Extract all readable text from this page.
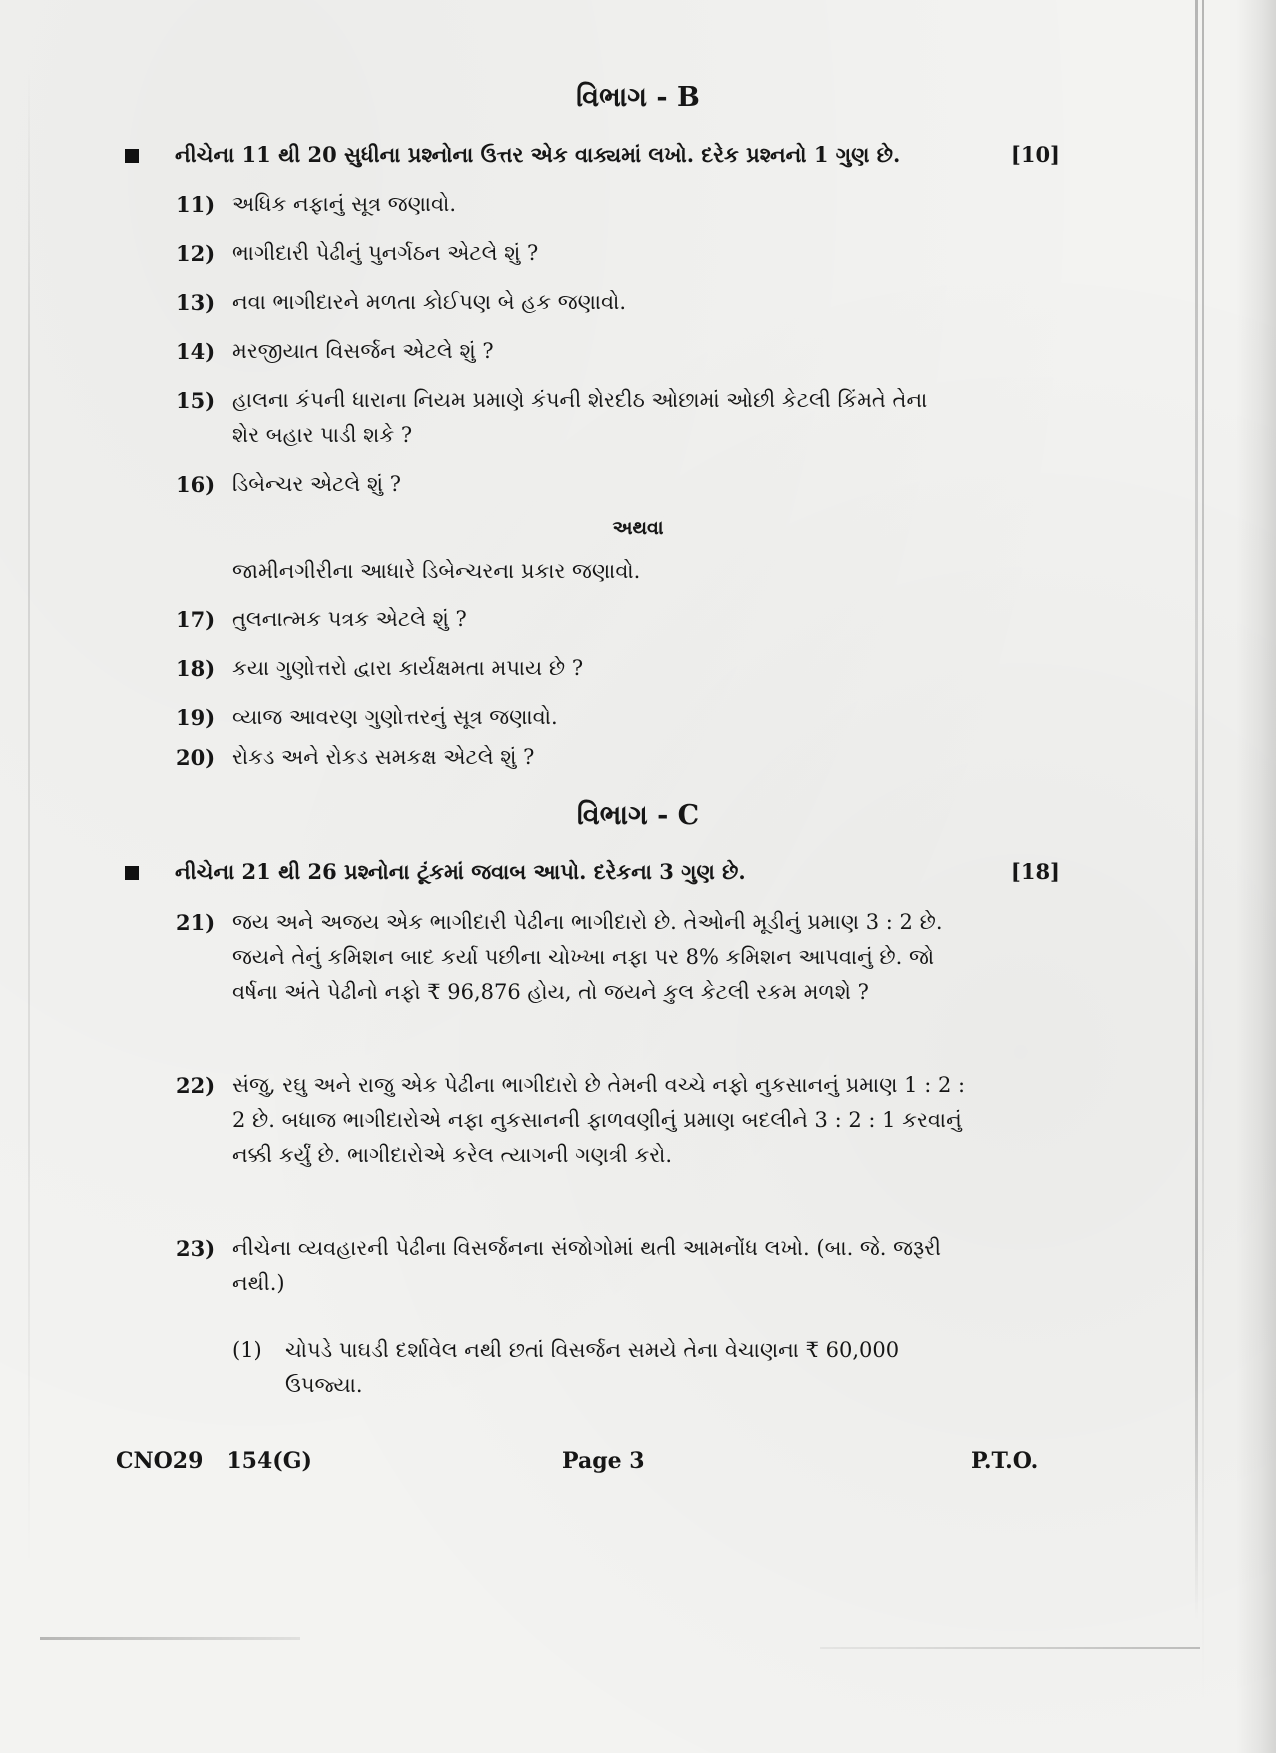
વિભાગ - B
નીચેના 11 થી 20 સુધીના પ્રશ્નોના ઉત્તર એક વાક્યમાં લખો. દરેક પ્રશ્નનો 1 ગુણ છે.	[10]
11) અધિક નફાનું સૂત્ર જણાવો.
12) ભાગીદારી પેઢીનું પુનર્ગઠન એટલે શું ?
13) નવા ભાગીદારને મળતા કોઈપણ બે હક જણાવો.
14) મરજીયાત વિસર્જન એટલે શું ?
15) હાલના કંપની ધારાના નિયમ પ્રમાણે કંપની શેરદીઠ ઓછામાં ઓછી કેટલી કિંમતે તેના શેર બહાર પાડી શકે ?
16) ડિબેન્ચર એટલે શું ?
અથવા
જામીનગીરીના આધારે ડિબેન્ચરના પ્રકાર જણાવો.
17) તુલનાત્મક પત્રક એટલે શું ?
18) કયા ગુણોત્તરો દ્વારા કાર્યક્ષમતા મપાય છે ?
19) વ્યાજ આવરણ ગુણોત્તરનું સૂત્ર જણાવો.
20) રોકડ અને રોકડ સમકક્ષ એટલે શું ?
વિભાગ - C
નીચેના 21 થી 26 પ્રશ્નોના ટૂંકમાં જવાબ આપો. દરેકના 3 ગુણ છે.	[18]
21) જય અને અજય એક ભાગીદારી પેઢીના ભાગીદારો છે. તેઓની મૂડીનું પ્રમાણ 3 : 2 છે. જયને તેનું કમિશન બાદ કર્યા પછીના ચોખ્ખા નફા પર 8% કમિશન આપવાનું છે. જો વર્ષના અંતે પેઢીનો નફો ₹ 96,876 હોય, તો જયને કુલ કેટલી રકમ મળશે ?
22) સંજુ, રઘુ અને રાજુ એક પેઢીના ભાગીદારો છે તેમની વચ્ચે નફો નુકસાનનું પ્રમાણ 1 : 2 : 2 છે. બધાજ ભાગીદારોએ નફા નુકસાનની ફાળવણીનું પ્રમાણ બદલીને 3 : 2 : 1 કરવાનું નક્કી કર્યું છે. ભાગીદારોએ કરેલ ત્યાગની ગણત્રી કરો.
23) નીચેના વ્યવહારની પેઢીના વિસર્જનના સંજોગોમાં થતી આમનોંધ લખો. (બા. જે. જરૂરી નથી.)
(1) ચોપડે પાઘડી દર્શાવેલ નથી છતાં વિસર્જન સમયે તેના વેચાણના ₹ 60,000 ઉપજ્યા.
CNO29   154(G)	Page 3	P.T.O.
